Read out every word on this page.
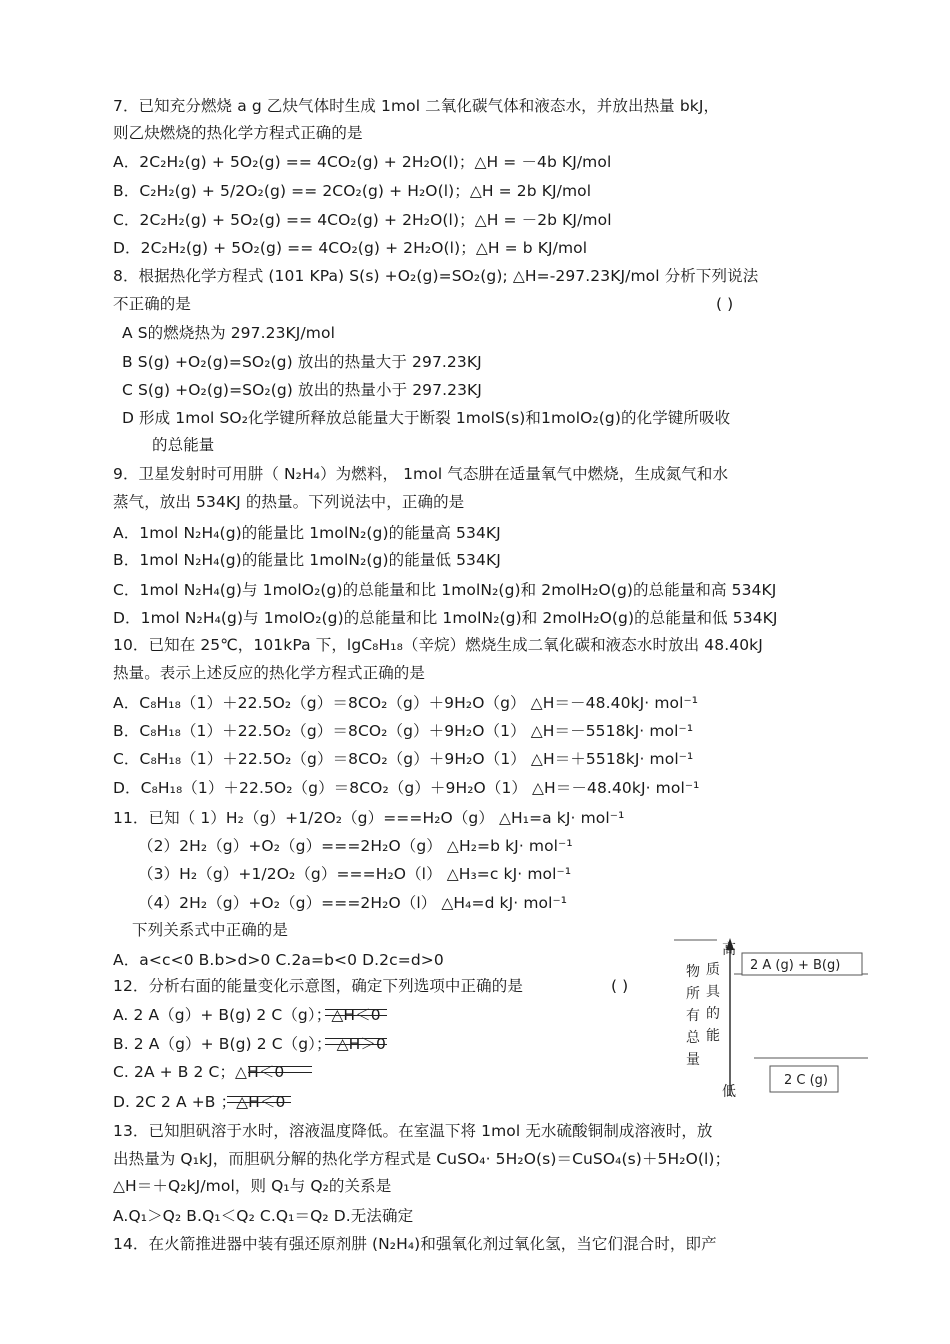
7．已知充分燃烧 a g 乙炔气体时生成 1mol 二氧化碳气体和液态水，并放出热量 bkJ，
则乙炔燃烧的热化学方程式正确的是
A．2C₂H₂(g) + 5O₂(g) == 4CO₂(g) + 2H₂O(l)；△H = －4b KJ/mol
B．C₂H₂(g) + 5/2O₂(g) == 2CO₂(g) + H₂O(l)；△H = 2b KJ/mol
C．2C₂H₂(g) + 5O₂(g) == 4CO₂(g) + 2H₂O(l)；△H = －2b KJ/mol
D．2C₂H₂(g) + 5O₂(g) == 4CO₂(g) + 2H₂O(l)；△H = b KJ/mol
8．根据热化学方程式 (101 KPa) S(s) +O₂(g)=SO₂(g); △H=-297.23KJ/mol 分析下列说法
不正确的是	( )
A S的燃烧热为 297.23KJ/mol
B S(g) +O₂(g)=SO₂(g) 放出的热量大于 297.23KJ
C S(g) +O₂(g)=SO₂(g) 放出的热量小于 297.23KJ
D 形成 1mol SO₂化学键所释放总能量大于断裂 1molS(s)和1molO₂(g)的化学键所吸收
的总能量
9．卫星发射时可用肼（ N₂H₄）为燃料， 1mol 气态肼在适量氧气中燃烧，生成氮气和水
蒸气，放出 534KJ 的热量。下列说法中，正确的是
A．1mol N₂H₄(g)的能量比 1molN₂(g)的能量高 534KJ
B．1mol N₂H₄(g)的能量比 1molN₂(g)的能量低 534KJ
C．1mol N₂H₄(g)与 1molO₂(g)的总能量和比 1molN₂(g)和 2molH₂O(g)的总能量和高 534KJ
D．1mol N₂H₄(g)与 1molO₂(g)的总能量和比 1molN₂(g)和 2molH₂O(g)的总能量和低 534KJ
10．已知在 25℃，101kPa 下，lgC₈H₁₈（辛烷）燃烧生成二氧化碳和液态水时放出 48.40kJ
热量。表示上述反应的热化学方程式正确的是
A．C₈H₁₈（1）＋22.5O₂（g）＝8CO₂（g）＋9H₂O（g） △H＝－48.40kJ· mol⁻¹
B．C₈H₁₈（1）＋22.5O₂（g）＝8CO₂（g）＋9H₂O（1） △H＝－5518kJ· mol⁻¹
C．C₈H₁₈（1）＋22.5O₂（g）＝8CO₂（g）＋9H₂O（1） △H＝＋5518kJ· mol⁻¹
D．C₈H₁₈（1）＋22.5O₂（g）＝8CO₂（g）＋9H₂O（1） △H＝－48.40kJ· mol⁻¹
11．已知（ 1）H₂（g）+1/2O₂（g）===H₂O（g） △H₁=a kJ· mol⁻¹
（2）2H₂（g）+O₂（g）===2H₂O（g） △H₂=b kJ· mol⁻¹
（3）H₂（g）+1/2O₂（g）===H₂O（l） △H₃=c kJ· mol⁻¹
（4）2H₂（g）+O₂（g）===2H₂O（l） △H₄=d kJ· mol⁻¹
下列关系式中正确的是
A．a<c<0 B.b>d>0 C.2a=b<0 D.2c=d>0
12．分析右面的能量变化示意图，确定下列选项中正确的是	( )
A. 2 A（g）+ B(g) 2 C（g）；△H＜0
B. 2 A（g）+ B(g) 2 C（g）； △H＞0
C. 2A + B 2 C；△H＜0
D. 2C 2 A +B ；△H＜0
13．已知胆矾溶于水时，溶液温度降低。在室温下将 1mol 无水硫酸铜制成溶液时，放
出热量为 Q₁kJ，而胆矾分解的热化学方程式是 CuSO₄· 5H₂O(s)＝CuSO₄(s)＋5H₂O(l)；
△H＝＋Q₂kJ/mol，则 Q₁与 Q₂的关系是
A.Q₁＞Q₂ B.Q₁＜Q₂ C.Q₁＝Q₂ D.无法确定
14．在火箭推进器中装有强还原剂肼 (N₂H₄)和强氧化剂过氧化氢，当它们混合时，即产
高
低
物
所
有
总
量
质
具
的
能
2 A (g) + B(g)
2 C (g)
